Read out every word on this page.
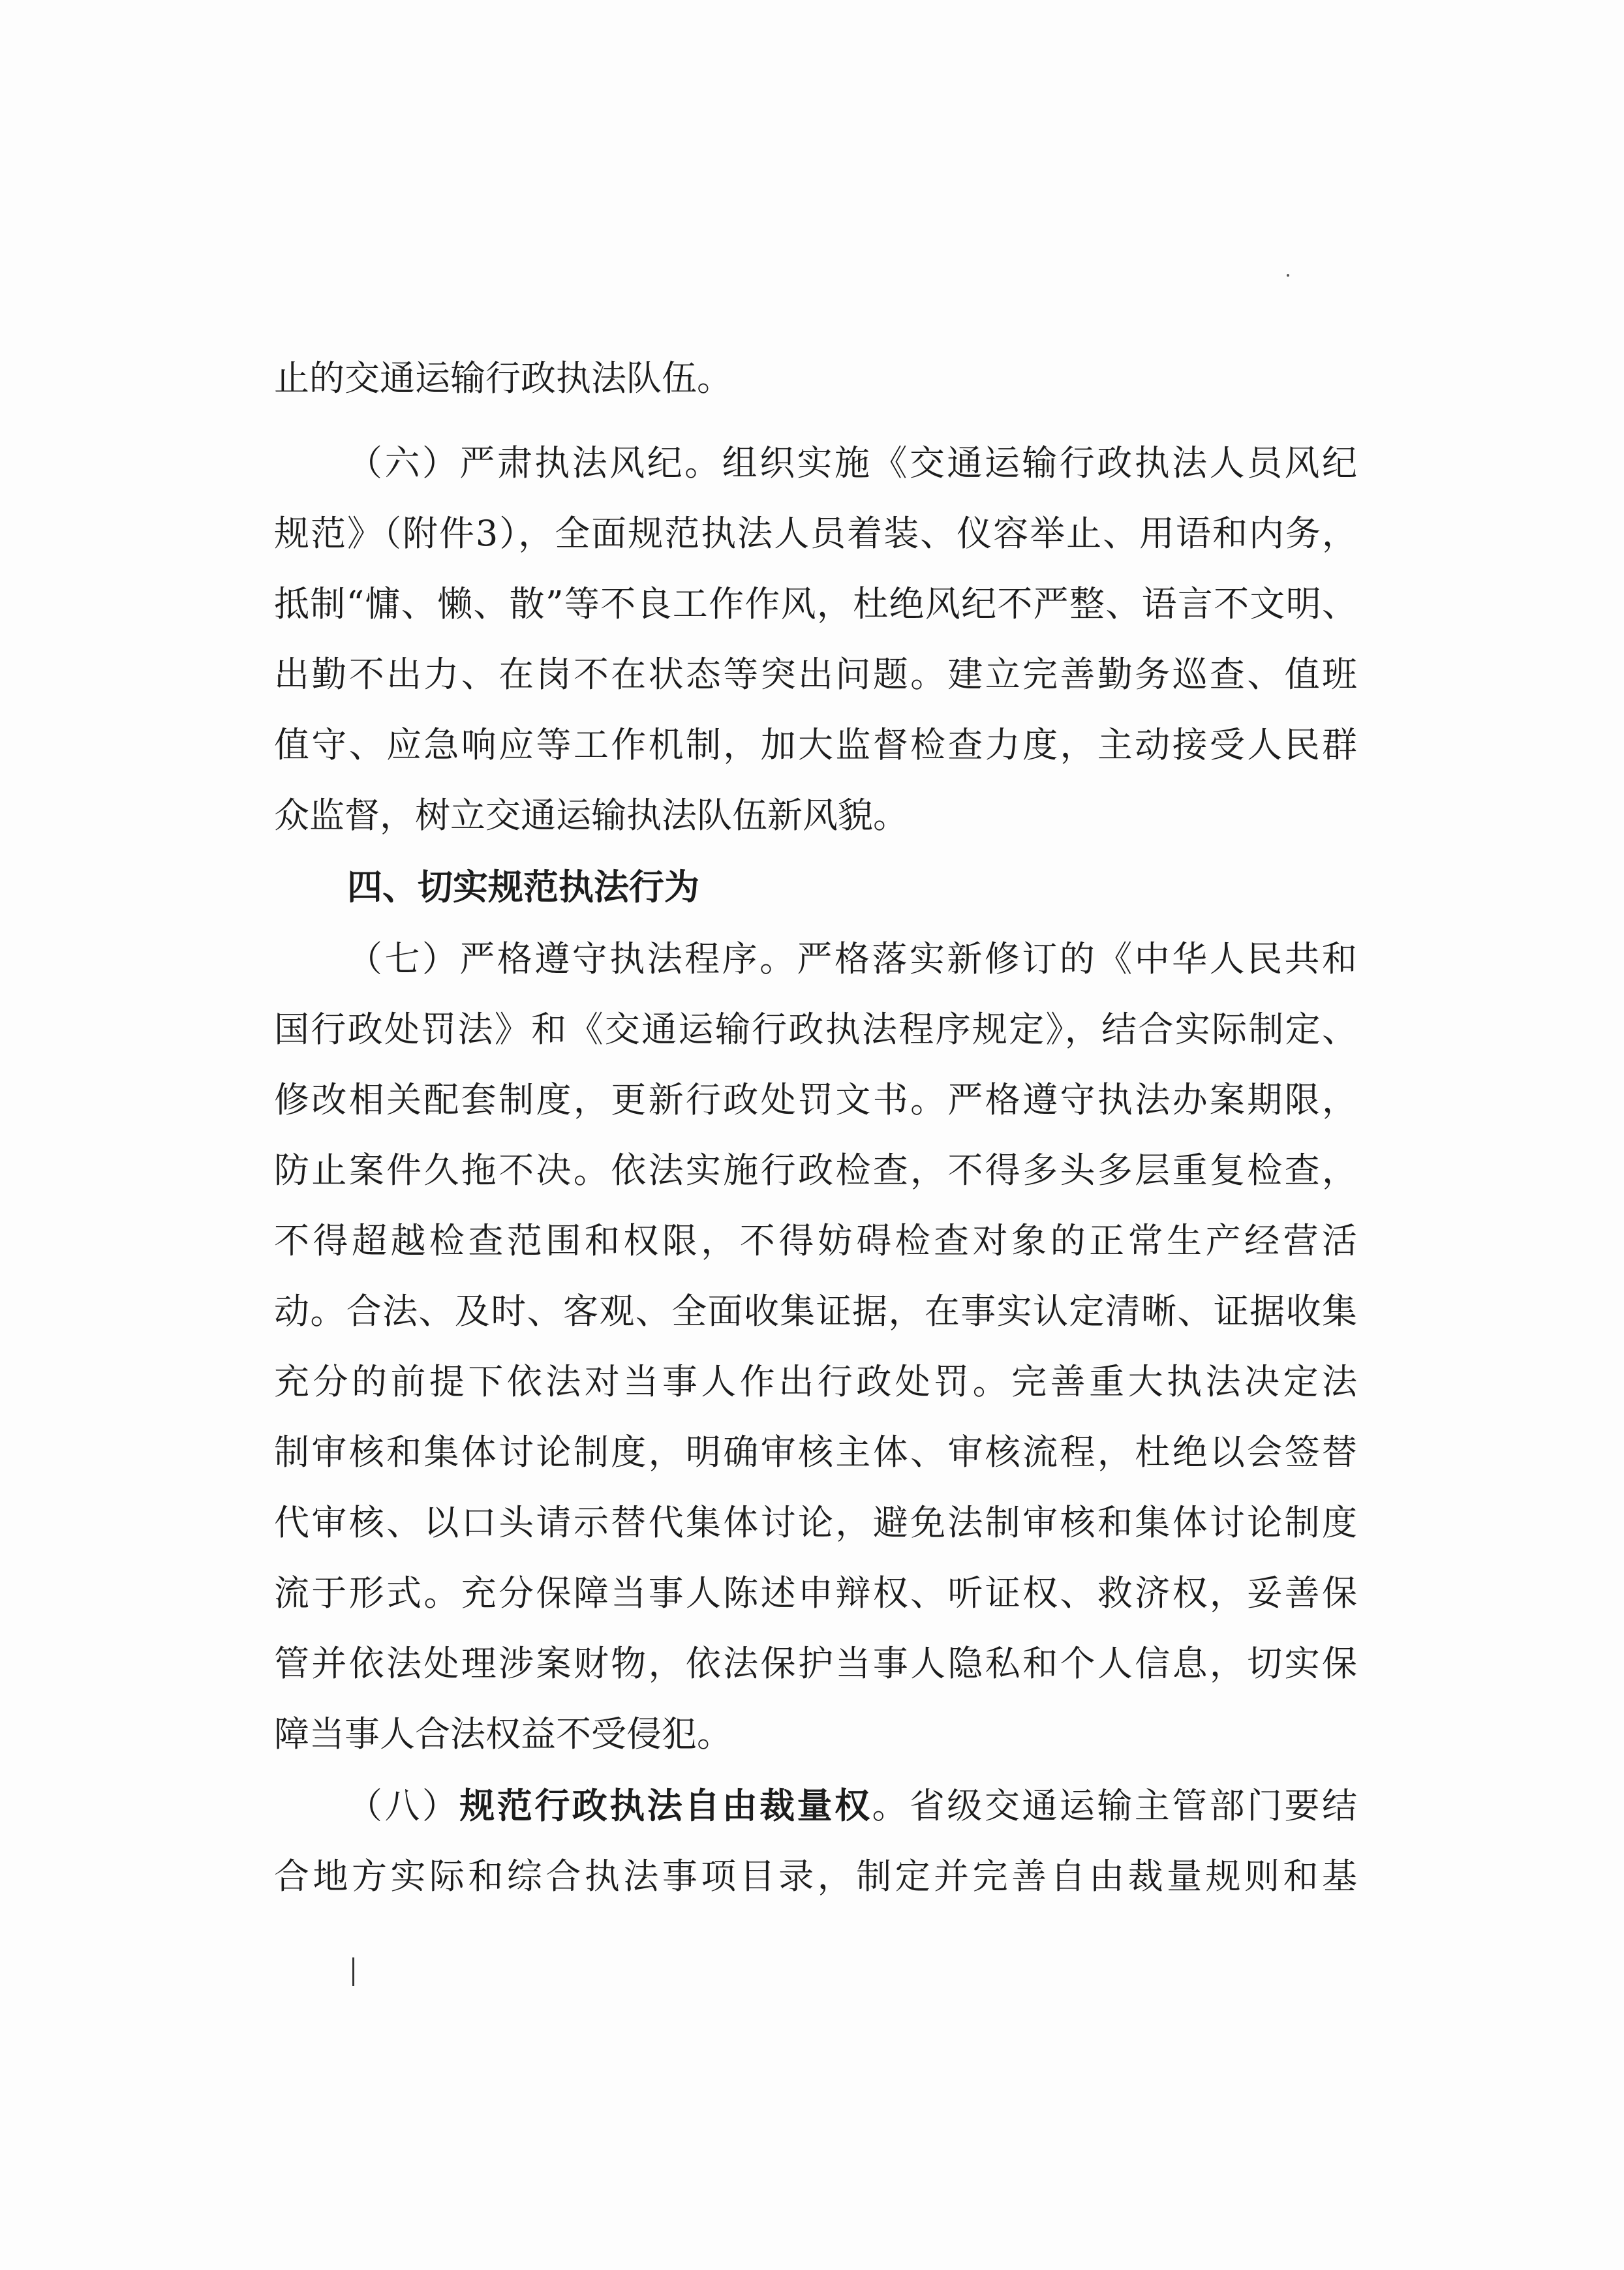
止的交通运输行政执法队伍。
（六）严肃执法风纪。组织实施《交通运输行政执法人员风纪
规范》（附件3），全面规范执法人员着装、仪容举止、用语和内务，
抵制“慵、懒、散”等不良工作作风，杜绝风纪不严整、语言不文明、
出勤不出力、在岗不在状态等突出问题。建立完善勤务巡查、值班
值守、应急响应等工作机制，加大监督检查力度，主动接受人民群
众监督，树立交通运输执法队伍新风貌。
四、切实规范执法行为
（七）严格遵守执法程序。严格落实新修订的《中华人民共和
国行政处罚法》和《交通运输行政执法程序规定》，结合实际制定、
修改相关配套制度，更新行政处罚文书。严格遵守执法办案期限，
防止案件久拖不决。依法实施行政检查，不得多头多层重复检查，
不得超越检查范围和权限，不得妨碍检查对象的正常生产经营活
动。合法、及时、客观、全面收集证据，在事实认定清晰、证据收集
充分的前提下依法对当事人作出行政处罚。完善重大执法决定法
制审核和集体讨论制度，明确审核主体、审核流程，杜绝以会签替
代审核、以口头请示替代集体讨论，避免法制审核和集体讨论制度
流于形式。充分保障当事人陈述申辩权、听证权、救济权，妥善保
管并依法处理涉案财物，依法保护当事人隐私和个人信息，切实保
障当事人合法权益不受侵犯。
（八）规范行政执法自由裁量权。省级交通运输主管部门要结
合地方实际和综合执法事项目录，制定并完善自由裁量规则和基
